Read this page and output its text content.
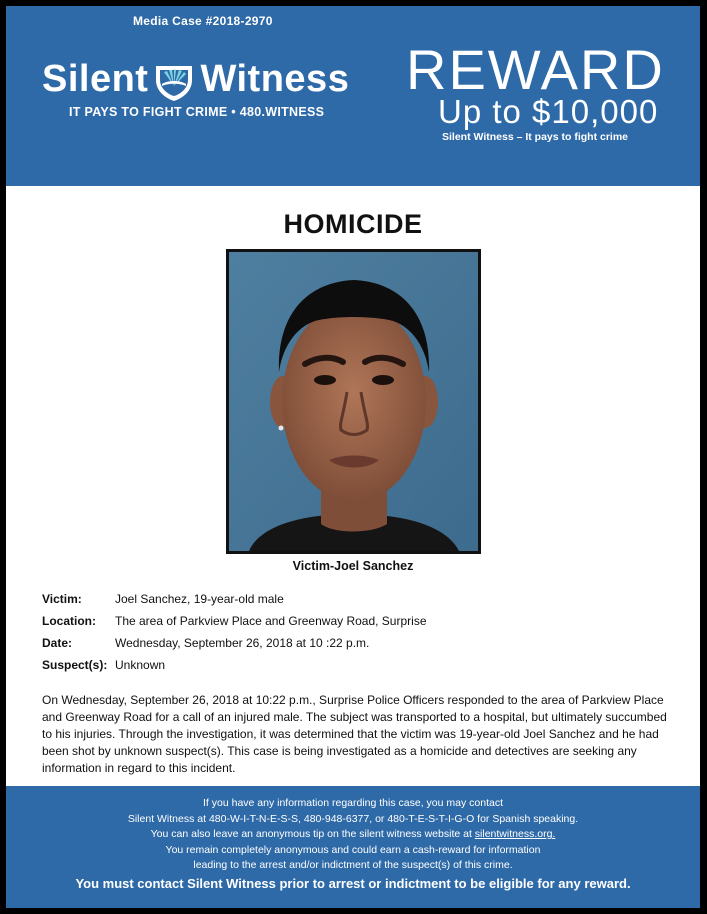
Media Case #2018-2970
Silent Witness
IT PAYS TO FIGHT CRIME • 480.WITNESS
REWARD
Up to $10,000
Silent Witness – It pays to fight crime
HOMICIDE
Victim-Joel Sanchez
Victim:	Joel Sanchez, 19-year-old male
Location: The area of Parkview Place and Greenway Road, Surprise
Date:	Wednesday, September 26, 2018 at 10 :22 p.m.
Suspect(s): Unknown
On Wednesday, September 26, 2018 at 10:22 p.m., Surprise Police Officers responded to the area of Parkview Place and Greenway Road for a call of an injured male. The subject was transported to a hospital, but ultimately succumbed to his injuries. Through the investigation, it was determined that the victim was 19-year-old Joel Sanchez and he had been shot by unknown suspect(s). This case is being investigated as a homicide and detectives are seeking any information in regard to this incident.
If you have any information regarding this case, you may contact
Silent Witness at 480-W-I-T-N-E-S-S, 480-948-6377, or 480-T-E-S-T-I-G-O for Spanish speaking.
You can also leave an anonymous tip on the silent witness website at silentwitness.org.
You remain completely anonymous and could earn a cash-reward for information
leading to the arrest and/or indictment of the suspect(s) of this crime.
You must contact Silent Witness prior to arrest or indictment to be eligible for any reward.
